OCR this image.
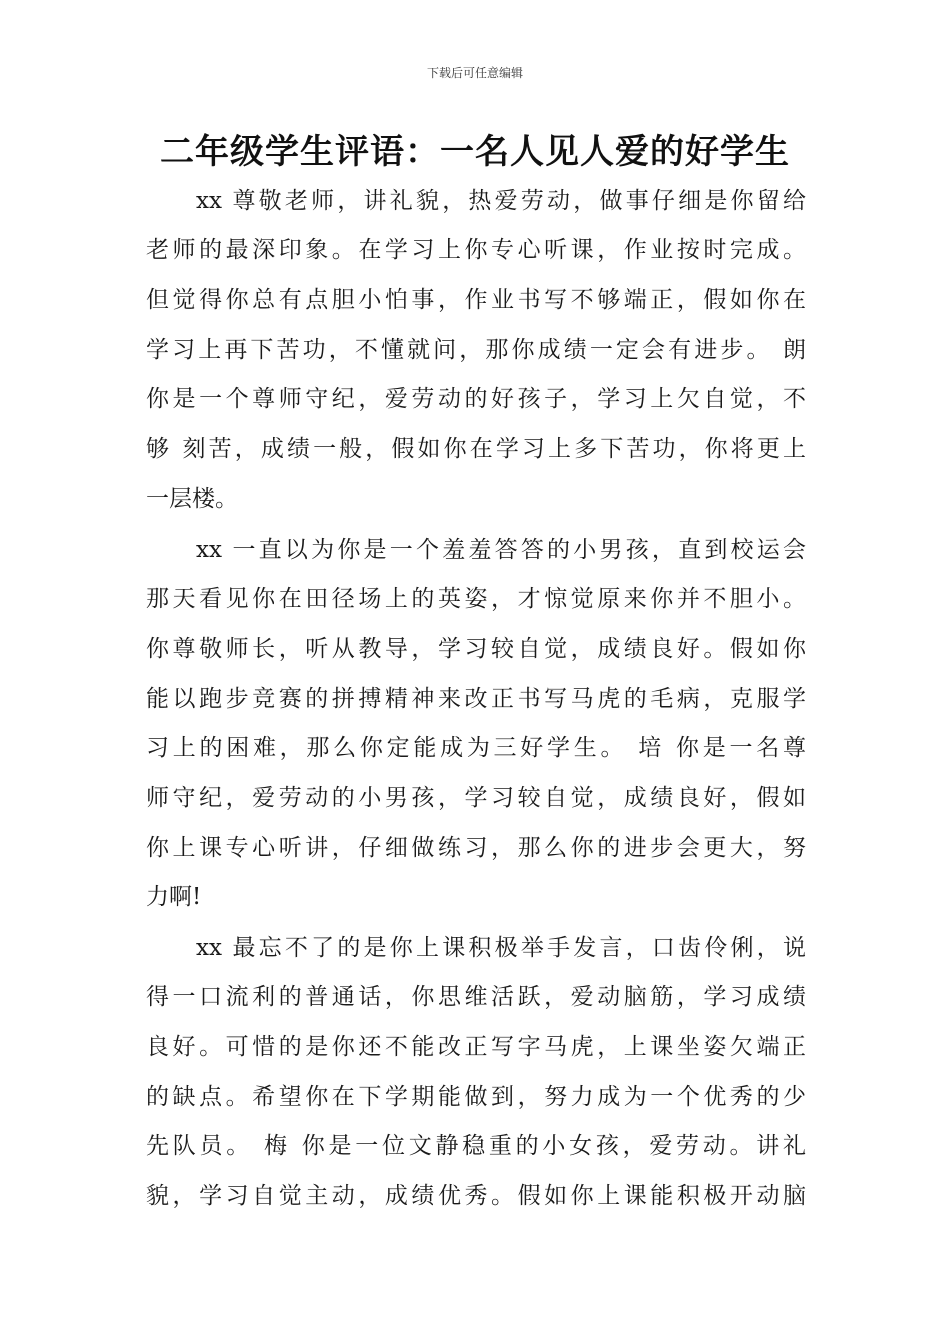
下载后可任意编辑
二年级学生评语：一名人见人爱的好学生
xx 尊敬老师，讲礼貌，热爱劳动，做事仔细是你留给
老师的最深印象。在学习上你专心听课，作业按时完成。
但觉得你总有点胆小怕事，作业书写不够端正，假如你在
学习上再下苦功，不懂就问，那你成绩一定会有进步。 朗
你是一个尊师守纪，爱劳动的好孩子，学习上欠自觉，不
够 刻苦，成绩一般，假如你在学习上多下苦功，你将更上
一层楼。
xx 一直以为你是一个羞羞答答的小男孩，直到校运会
那天看见你在田径场上的英姿，才惊觉原来你并不胆小。
你尊敬师长，听从教导，学习较自觉，成绩良好。假如你
能以跑步竞赛的拼搏精神来改正书写马虎的毛病，克服学
习上的困难，那么你定能成为三好学生。 培 你是一名尊
师守纪，爱劳动的小男孩，学习较自觉，成绩良好，假如
你上课专心听讲，仔细做练习，那么你的进步会更大，努
力啊!
xx 最忘不了的是你上课积极举手发言，口齿伶俐，说
得一口流利的普通话，你思维活跃，爱动脑筋，学习成绩
良好。可惜的是你还不能改正写字马虎，上课坐姿欠端正
的缺点。希望你在下学期能做到，努力成为一个优秀的少
先队员。 梅 你是一位文静稳重的小女孩，爱劳动。讲礼
貌，学习自觉主动，成绩优秀。假如你上课能积极开动脑
